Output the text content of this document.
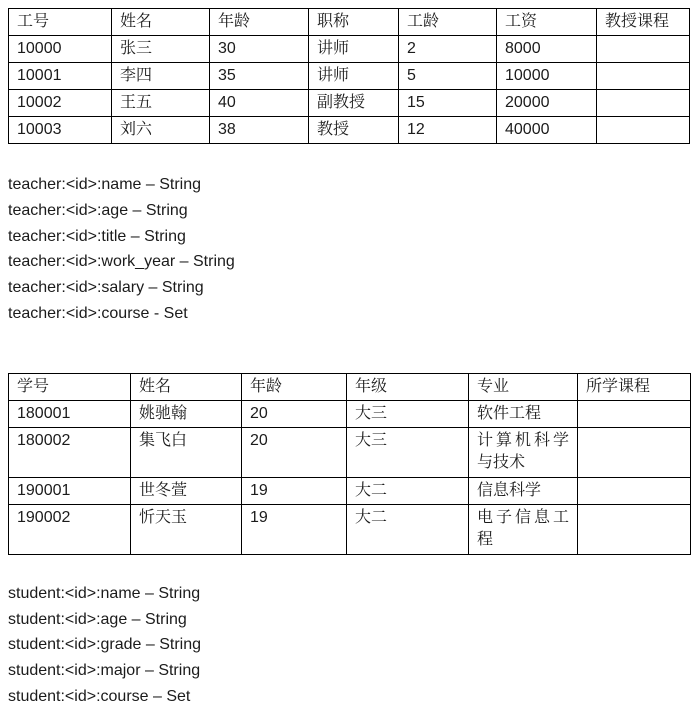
工号	姓名	年龄	职称	工龄	工资	教授课程
10000	张三	30	讲师	2	8000	
10001	李四	35	讲师	5	10000	
10002	王五	40	副教授	15	20000	
10003	刘六	38	教授	12	40000	

teacher:<id>:name – String

teacher:<id>:age – String

teacher:<id>:title – String

teacher:<id>:work_year – String

teacher:<id>:salary – String

teacher:<id>:course - Set

学号	姓名	年龄	年级	专业	所学课程
180001	姚驰翰	20	大三	软件工程	
180002	集飞白	20	大三	计算机科学与技术	
190001	世冬萱	19	大二	信息科学	
190002	忻天玉	19	大二	电子信息工程	

student:<id>:name – String

student:<id>:age – String

student:<id>:grade – String

student:<id>:major – String

student:<id>:course – Set
